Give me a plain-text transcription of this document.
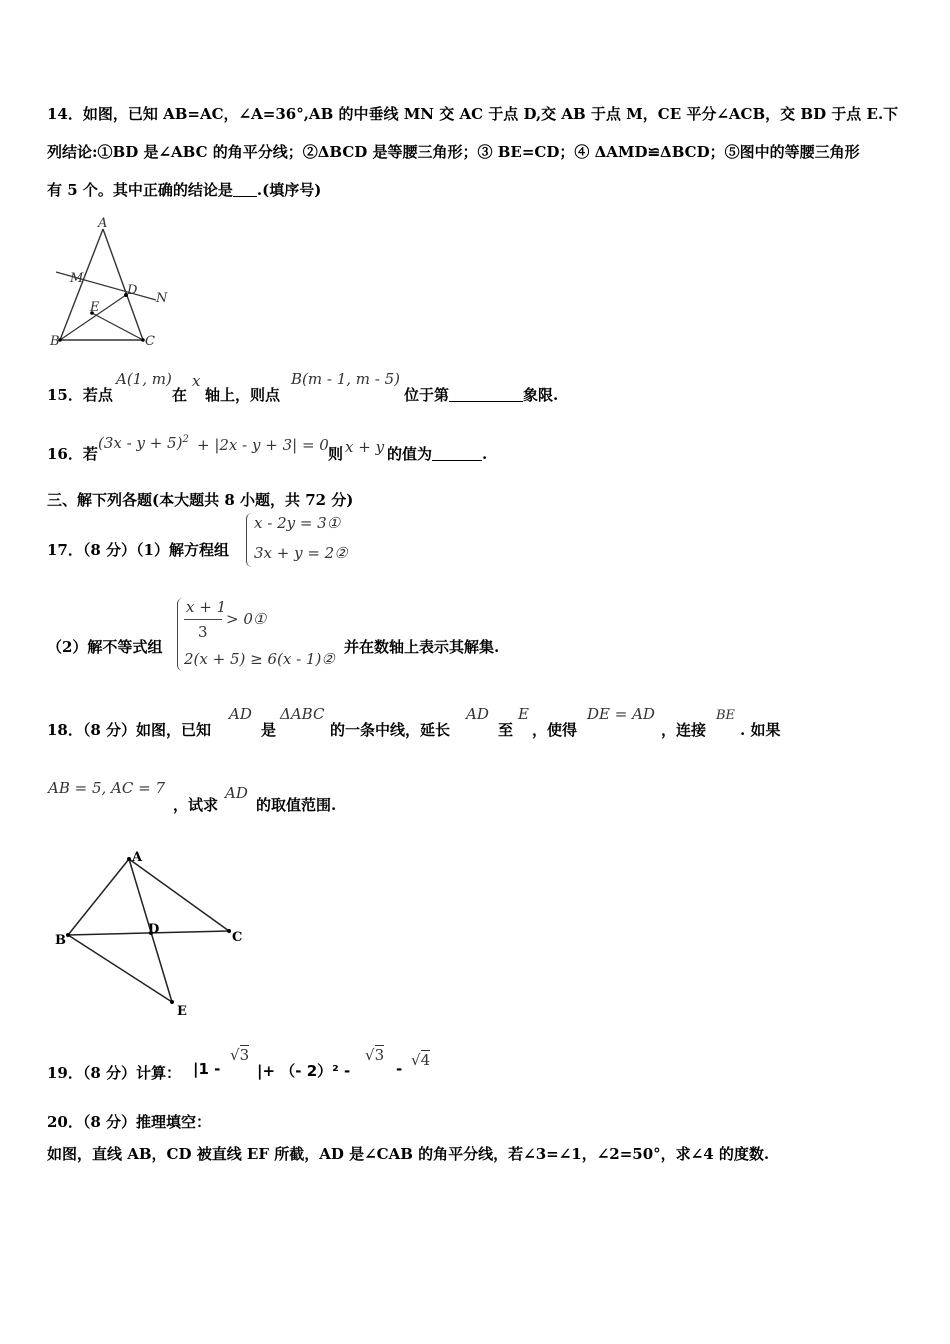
14．如图，已知 AB=AC，∠A=36°,AB 的中垂线 MN 交 AC 于点 D,交 AB 于点 M，CE 平分∠ACB，交 BD 于点 E.下
列结论:①BD 是∠ABC 的角平分线；②ΔBCD 是等腰三角形；③ BE=CD；④ ΔAMD≌ΔBCD；⑤图中的等腰三角形
有 5 个。其中正确的结论是 .(填序号)
A
M
D
N
E
B	C
15．若点
A(1, m)
在
x
轴上，则点
B(m - 1, m - 5)
位于第	象限.
16．若
$(3x - y + 5)^2 + |2x - y + 3| = 0$,
则 x + y 的值为	.
三、解下列各题(本大题共 8 小题，共 72 分)
17．（8 分）（1）解方程组
x - 2y = 3①
3x + y = 2②
（2）解不等式组
x + 1
3
> 0①
2(x + 5) ≥ 6(x - 1)②
并在数轴上表示其解集.
18．（8 分）如图，已知
AD
是
ΔABC
的一条中线，延长
AD
至
E
，使得
DE = AD
，连接
BE
. 如果
AB = 5, AC = 7
，试求
AD
的取值范围.
A
B	C
D
E
19．（8 分）计算： |1 -
√3
|+ （- 2）² -
√3
- √4
20．（8 分）推理填空：
如图，直线 AB，CD 被直线 EF 所截，AD 是∠CAB 的角平分线，若∠3=∠1，∠2=50°，求∠4 的度数.
